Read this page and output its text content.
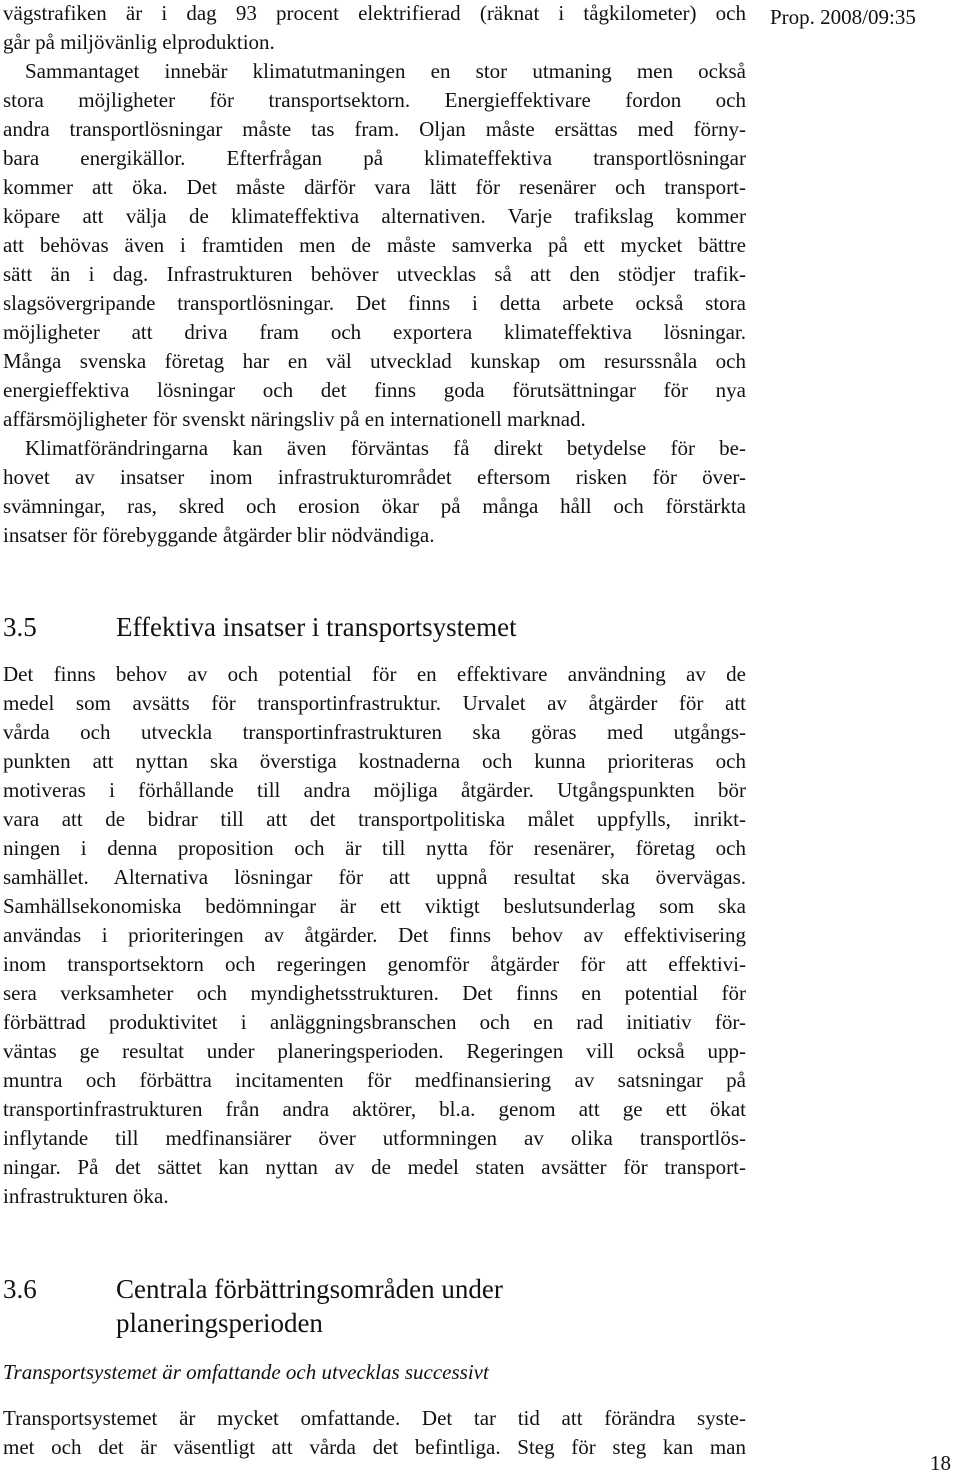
Prop. 2008/09:35
vägstrafiken är i dag 93 procent elektrifierad (räknat i tågkilometer) och
går på miljövänlig elproduktion.
Sammantaget innebär klimatutmaningen en stor utmaning men också
stora möjligheter för transportsektorn. Energieffektivare fordon och
andra transportlösningar måste tas fram. Oljan måste ersättas med förny-
bara energikällor. Efterfrågan på klimateffektiva transportlösningar
kommer att öka. Det måste därför vara lätt för resenärer och transport-
köpare att välja de klimateffektiva alternativen. Varje trafikslag kommer
att behövas även i framtiden men de måste samverka på ett mycket bättre
sätt än i dag. Infrastrukturen behöver utvecklas så att den stödjer trafik-
slagsövergripande transportlösningar. Det finns i detta arbete också stora
möjligheter att driva fram och exportera klimateffektiva lösningar.
Många svenska företag har en väl utvecklad kunskap om resurssnåla och
energieffektiva lösningar och det finns goda förutsättningar för nya
affärsmöjligheter för svenskt näringsliv på en internationell marknad.
Klimatförändringarna kan även förväntas få direkt betydelse för be-
hovet av insatser inom infrastrukturområdet eftersom risken för över-
svämningar, ras, skred och erosion ökar på många håll och förstärkta
insatser för förebyggande åtgärder blir nödvändiga.
3.5	Effektiva insatser i transportsystemet
Det finns behov av och potential för en effektivare användning av de
medel som avsätts för transportinfrastruktur. Urvalet av åtgärder för att
vårda och utveckla transportinfrastrukturen ska göras med utgångs-
punkten att nyttan ska överstiga kostnaderna och kunna prioriteras och
motiveras i förhållande till andra möjliga åtgärder. Utgångspunkten bör
vara att de bidrar till att det transportpolitiska målet uppfylls, inrikt-
ningen i denna proposition och är till nytta för resenärer, företag och
samhället. Alternativa lösningar för att uppnå resultat ska övervägas.
Samhällsekonomiska bedömningar är ett viktigt beslutsunderlag som ska
användas i prioriteringen av åtgärder. Det finns behov av effektivisering
inom transportsektorn och regeringen genomför åtgärder för att effektivi-
sera verksamheter och myndighetsstrukturen. Det finns en potential för
förbättrad produktivitet i anläggningsbranschen och en rad initiativ för-
väntas ge resultat under planeringsperioden. Regeringen vill också upp-
muntra och förbättra incitamenten för medfinansiering av satsningar på
transportinfrastrukturen från andra aktörer, bl.a. genom att ge ett ökat
inflytande till medfinansiärer över utformningen av olika transportlös-
ningar. På det sättet kan nyttan av de medel staten avsätter för transport-
infrastrukturen öka.
3.6	Centrala förbättringsområden under
planeringsperioden
Transportsystemet är omfattande och utvecklas successivt
Transportsystemet är mycket omfattande. Det tar tid att förändra syste-
met och det är väsentligt att vårda det befintliga. Steg för steg kan man
18
